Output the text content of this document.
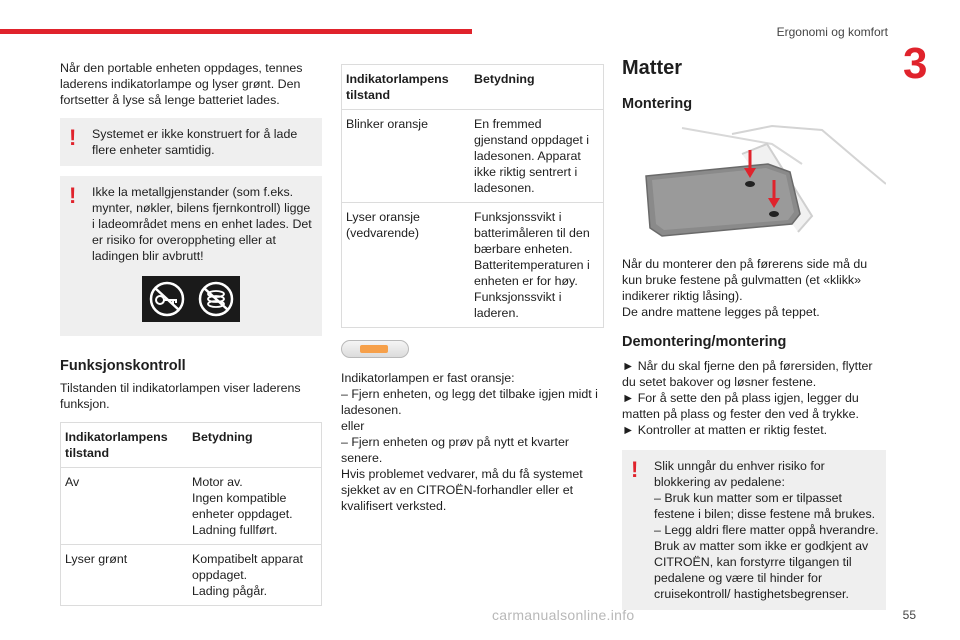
Ergonomi og komfort
3

Når den portable enheten oppdages, tennes laderens indikatorlampe og lyser grønt. Den fortsetter å lyse så lenge batteriet lades.

! Systemet er ikke konstruert for å lade flere enheter samtidig.
! Ikke la metallgjenstander (som f.eks. mynter, nøkler, bilens fjernkontroll) ligge i ladeområdet mens en enhet lades. Det er risiko for overoppheting eller at ladingen blir avbrutt!
Funksjonskontroll

Tilstanden til indikatorlampen viser laderens funksjon.

Indikatorlampens tilstand	Betydning
Av	Motor av.
Ingen kompatible enheter oppdaget.
Ladning fullført.
Lyser grønt	Kompatibelt apparat oppdaget.
Lading pågår.
Indikatorlampens tilstand	Betydning
Blinker oransje	En fremmed gjenstand oppdaget i ladesonen. Apparat ikke riktig sentrert i ladesonen.
Lyser oransje (vedvarende)	Funksjonssvikt i batterimåleren til den bærbare enheten.
Batteritemperaturen i enheten er for høy.
Funksjonssvikt i laderen.

Indikatorlampen er fast oransje:
– Fjern enheten, og legg det tilbake igjen midt i ladesonen.
eller
– Fjern enheten og prøv på nytt et kvarter senere.
Hvis problemet vedvarer, må du få systemet sjekket av en CITROËN-forhandler eller et kvalifisert verksted.

Matter
Montering

Når du monterer den på førerens side må du kun bruke festene på gulvmatten (et «klikk» indikerer riktig låsing).
De andre mattene legges på teppet.

Demontering/montering

► Når du skal fjerne den på førersiden, flytter du setet bakover og løsner festene.

► For å sette den på plass igjen, legger du matten på plass og fester den ved å trykke.

► Kontroller at matten er riktig festet.

! Slik unngår du enhver risiko for blokkering av pedalene:
– Bruk kun matter som er tilpasset festene i bilen; disse festene må brukes.
– Legg aldri flere matter oppå hverandre.
Bruk av matter som ikke er godkjent av CITROËN, kan forstyrre tilgangen til pedalene og være til hinder for cruisekontroll/ hastighetsbegrenser.
carmanualsonline.info	55
